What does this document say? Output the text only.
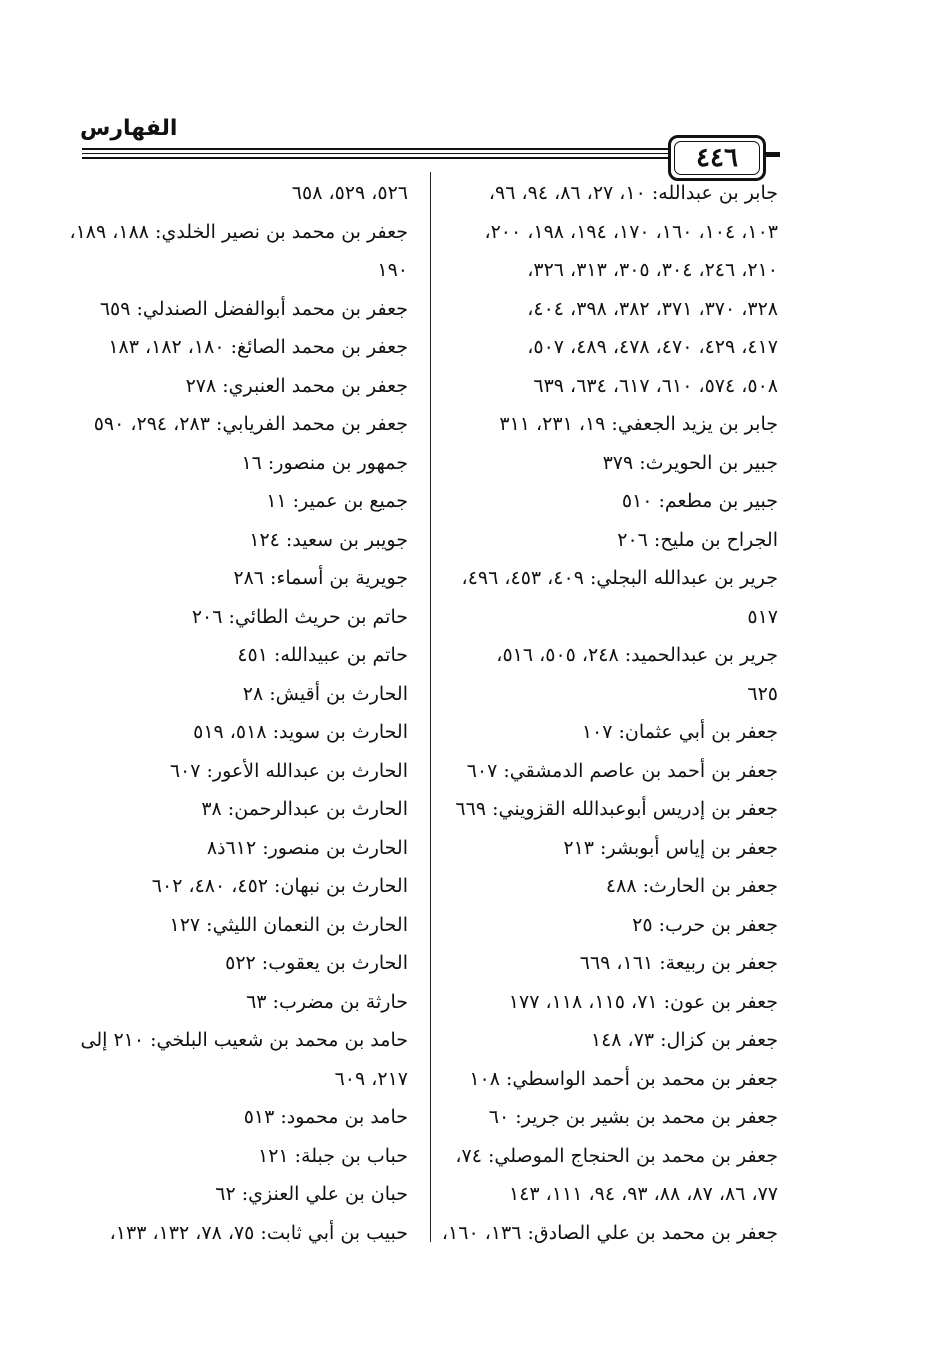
الفهارس
٤٤٦
جابر بن عبدالله: ١٠، ٢٧، ٨٦، ٩٤، ٩٦،
١٠٣، ١٠٤، ١٦٠، ١٧٠، ١٩٤، ١٩٨، ٢٠٠،
٢١٠، ٢٤٦، ٣٠٤، ٣٠٥، ٣١٣، ٣٢٦،
٣٢٨، ٣٧٠، ٣٧١، ٣٨٢، ٣٩٨، ٤٠٤،
٤١٧، ٤٢٩، ٤٧٠، ٤٧٨، ٤٨٩، ٥٠٧،
٥٠٨، ٥٧٤، ٦١٠، ٦١٧، ٦٣٤، ٦٣٩
جابر بن يزيد الجعفي: ١٩، ٢٣١، ٣١١
جبير بن الحويرث: ٣٧٩
جبير بن مطعم: ٥١٠
الجراح بن مليح: ٢٠٦
جرير بن عبدالله البجلي: ٤٠٩، ٤٥٣، ٤٩٦،
٥١٧
جرير بن عبدالحميد: ٢٤٨، ٥٠٥، ٥١٦،
٦٢٥
جعفر بن أبي عثمان: ١٠٧
جعفر بن أحمد بن عاصم الدمشقي: ٦٠٧
جعفر بن إدريس أبوعبدالله القزويني: ٦٦٩
جعفر بن إياس أبوبشر: ٢١٣
جعفر بن الحارث: ٤٨٨
جعفر بن حرب: ٢٥
جعفر بن ربيعة: ١٦١، ٦٦٩
جعفر بن عون: ٧١، ١١٥، ١١٨، ١٧٧
جعفر بن كزال: ٧٣، ١٤٨
جعفر بن محمد بن أحمد الواسطي: ١٠٨
جعفر بن محمد بن بشير بن جرير: ٦٠
جعفر بن محمد بن الحنجاج الموصلي: ٧٤،
٧٧، ٨٦، ٨٧، ٨٨، ٩٣، ٩٤، ١١١، ١٤٣
جعفر بن محمد بن علي الصادق: ١٣٦، ١٦٠،
٥٢٦، ٥٢٩، ٦٥٨
جعفر بن محمد بن نصير الخلدي: ١٨٨، ١٨٩،
١٩٠
جعفر بن محمد أبوالفضل الصندلي: ٦٥٩
جعفر بن محمد الصائغ: ١٨٠، ١٨٢، ١٨٣
جعفر بن محمد العنبري: ٢٧٨
جعفر بن محمد الفريابي: ٢٨٣، ٢٩٤، ٥٩٠
جمهور بن منصور: ١٦
جميع بن عمير: ١١
جويبر بن سعيد: ١٢٤
جويرية بن أسماء: ٢٨٦
حاتم بن حريث الطائي: ٢٠٦
حاتم بن عبيدالله: ٤٥١
الحارث بن أقيش: ٢٨
الحارث بن سويد: ٥١٨، ٥١٩
الحارث بن عبدالله الأعور: ٦٠٧
الحارث بن عبدالرحمن: ٣٨
الحارث بن منصور: ٦١٢ذ٨
الحارث بن نبهان: ٤٥٢، ٤٨٠، ٦٠٢
الحارث بن النعمان الليثي: ١٢٧
الحارث بن يعقوب: ٥٢٢
حارثة بن مضرب: ٦٣
حامد بن محمد بن شعيب البلخي: ٢١٠ إلى
٢١٧، ٦٠٩
حامد بن محمود: ٥١٣
حباب بن جبلة: ١٢١
حبان بن علي العنزي: ٦٢
حبيب بن أبي ثابت: ٧٥، ٧٨، ١٣٢، ١٣٣،
